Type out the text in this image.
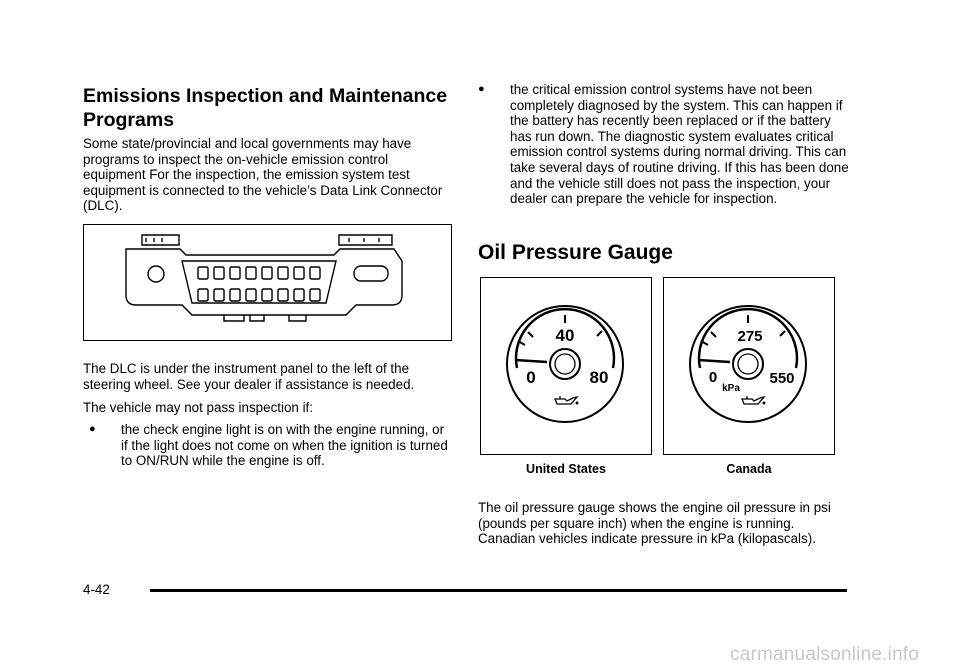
Emissions Inspection and Maintenance Programs

Some state/provincial and local governments may have programs to inspect the on-vehicle emission control equipment For the inspection, the emission system test equipment is connected to the vehicle’s Data Link Connector (DLC).

The DLC is under the instrument panel to the left of the steering wheel. See your dealer if assistance is needed.

The vehicle may not pass inspection if:

● the check engine light is on with the engine running, or if the light does not come on when the ignition is turned to ON/RUN while the engine is off.
● the critical emission control systems have not been completely diagnosed by the system. This can happen if the battery has recently been replaced or if the battery has run down. The diagnostic system evaluates critical emission control systems during normal driving. This can take several days of routine driving. If this has been done and the vehicle still does not pass the inspection, your dealer can prepare the vehicle for inspection.
Oil Pressure Gauge
40
0	80
United States
275
0	550
kPa
Canada

The oil pressure gauge shows the engine oil pressure in psi (pounds per square inch) when the engine is running. Canadian vehicles indicate pressure in kPa (kilopascals).

4-42
carmanualsonline.info
